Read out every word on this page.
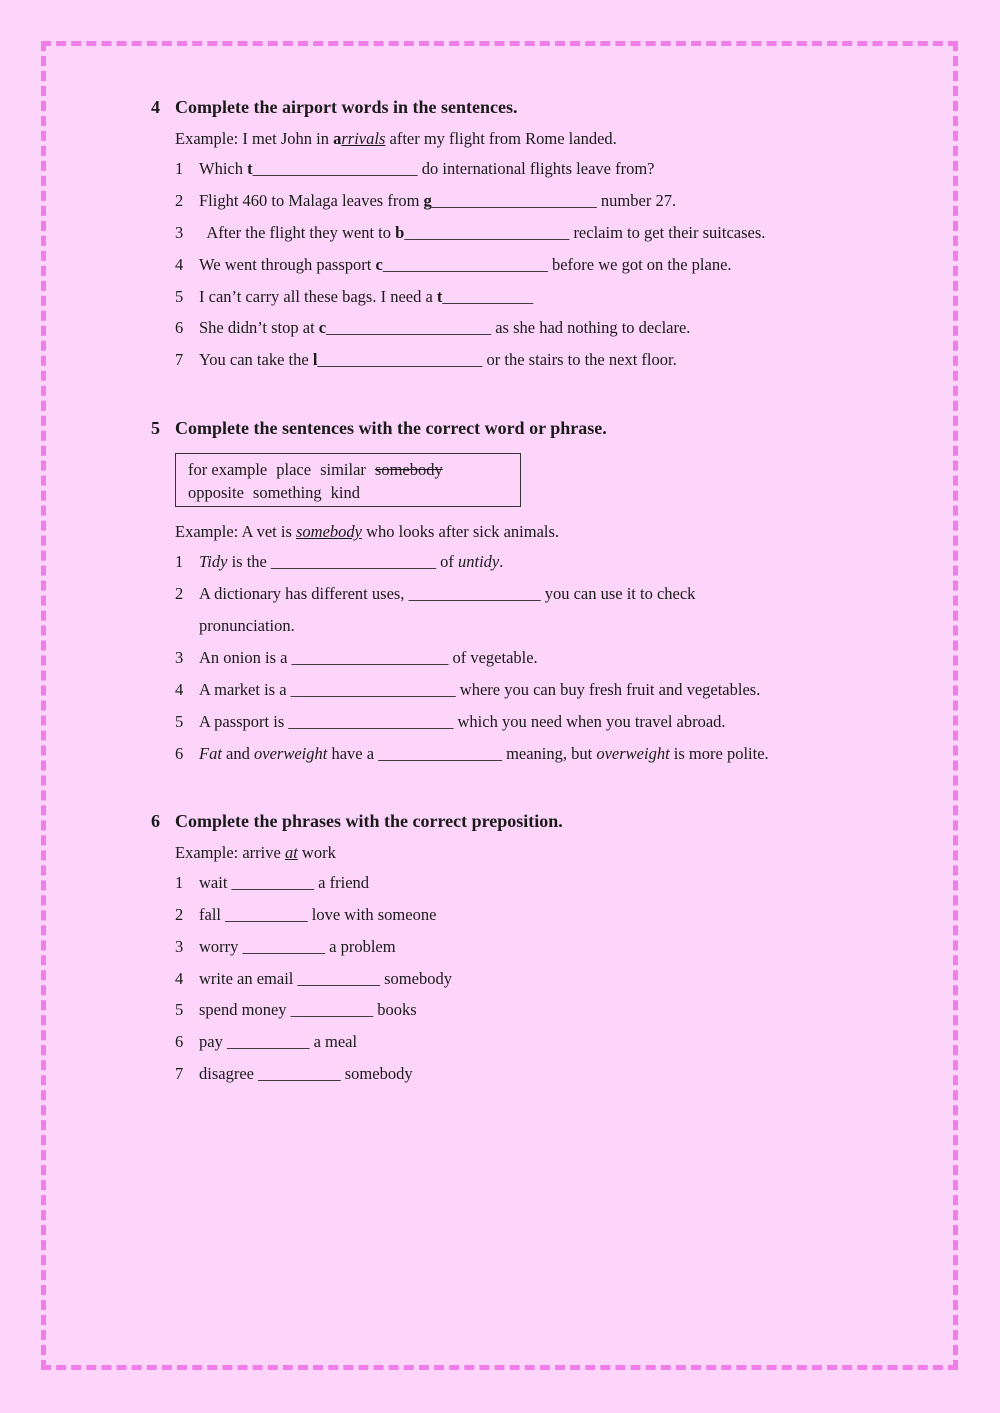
4 Complete the airport words in the sentences.

Example: I met John in arrivals after my flight from Rome landed.
1 Which t____________________ do international flights leave from?
2 Flight 460 to Malaga leaves from g____________________ number 27.
3  After the flight they went to b____________________ reclaim to get their suitcases.
4 We went through passport c____________________ before we got on the plane.
5 I can’t carry all these bags. I need a t___________
6 She didn’t stop at c____________________ as she had nothing to declare.
7 You can take the l____________________ or the stairs to the next floor.

5 Complete the sentences with the correct word or phrase.

for example place similar somebody
opposite something kind
Example: A vet is somebody who looks after sick animals.
1 Tidy is the ____________________ of untidy.
2 A dictionary has different uses, ________________ you can use it to check
pronunciation.
3 An onion is a ___________________ of vegetable.
4 A market is a ____________________ where you can buy fresh fruit and vegetables.
5 A passport is ____________________ which you need when you travel abroad.
6 Fat and overweight have a _______________ meaning, but overweight is more polite.

6 Complete the phrases with the correct preposition.

Example: arrive at work
1 wait __________ a friend
2 fall __________ love with someone
3 worry __________ a problem
4 write an email __________ somebody
5 spend money __________ books
6 pay __________ a meal
7 disagree __________ somebody
